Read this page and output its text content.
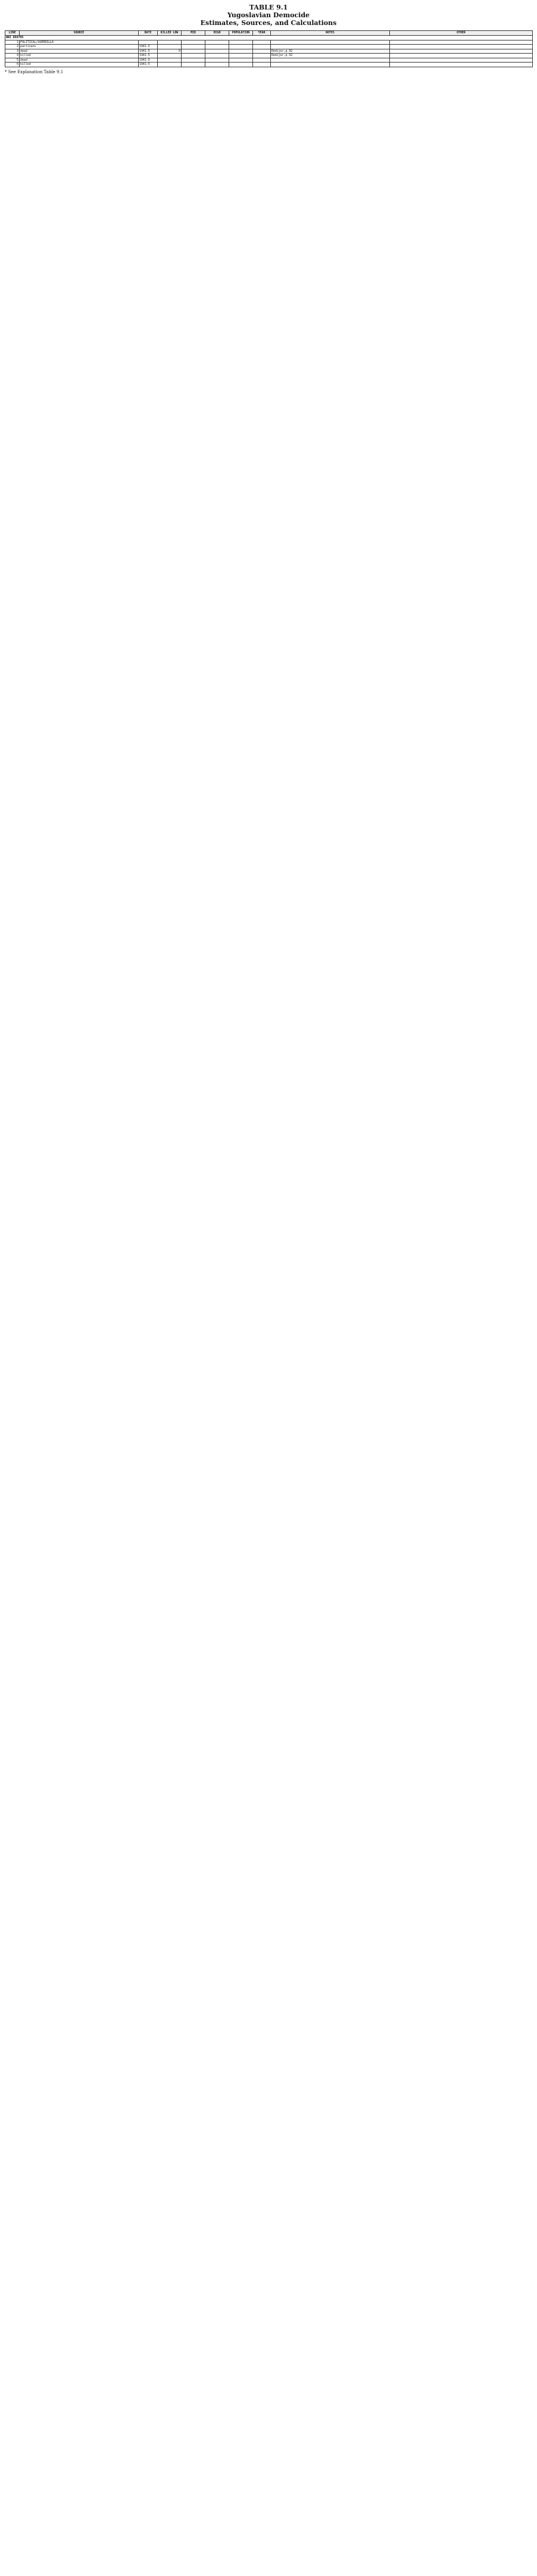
TABLE 9.1
Yugoslavian Democide
Estimates, Sources, and Calculations
LINE	SOURCE	DATE	KILLED LOW	MID	HIGH	POPULATION	YEAR	NOTES	OTHER
WWI DEATHS									
1	POLITICAL/GUERRILLA								
2	partisans	1941-5							
3	dead	1941-5	0					Dedijer,p.92	
4	killed	1941-5						Dedijer,p.92	
5	dead	1941-5							
6	killed	1941-5							
* See Explanation Table 9.1
